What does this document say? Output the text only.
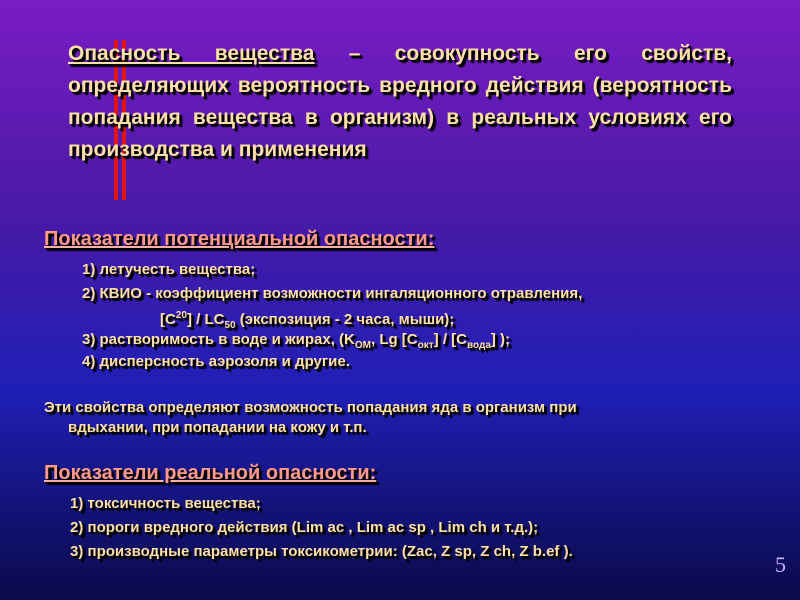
Опасность вещества – совокупность его свойств, определяющих вероятность вредного действия (вероятность попадания вещества в организм) в реальных условиях его производства и применения
Показатели потенциальной опасности:
1) летучесть вещества;
2) КВИО - коэффициент возможности ингаляционного отравления,
$[C^{20}] / LC_{50}$ (экспозиция - 2 часа, мыши);
3) растворимость в воде и жирах, ($K_{ОМ}$, Lg $[C_{окт}] / [C_{вода}]$ );
4) дисперсность аэрозоля и другие.
Эти свойства определяют возможность попадания яда в организм при
вдыхании, при попадании на кожу и т.п.
Показатели реальной опасности:
1) токсичность вещества;
2) пороги вредного действия (Lim ac , Lim ac sp , Lim ch и т.д.);
3) производные параметры токсикометрии: (Zac, Z sp, Z ch, Z b.ef ).
5
